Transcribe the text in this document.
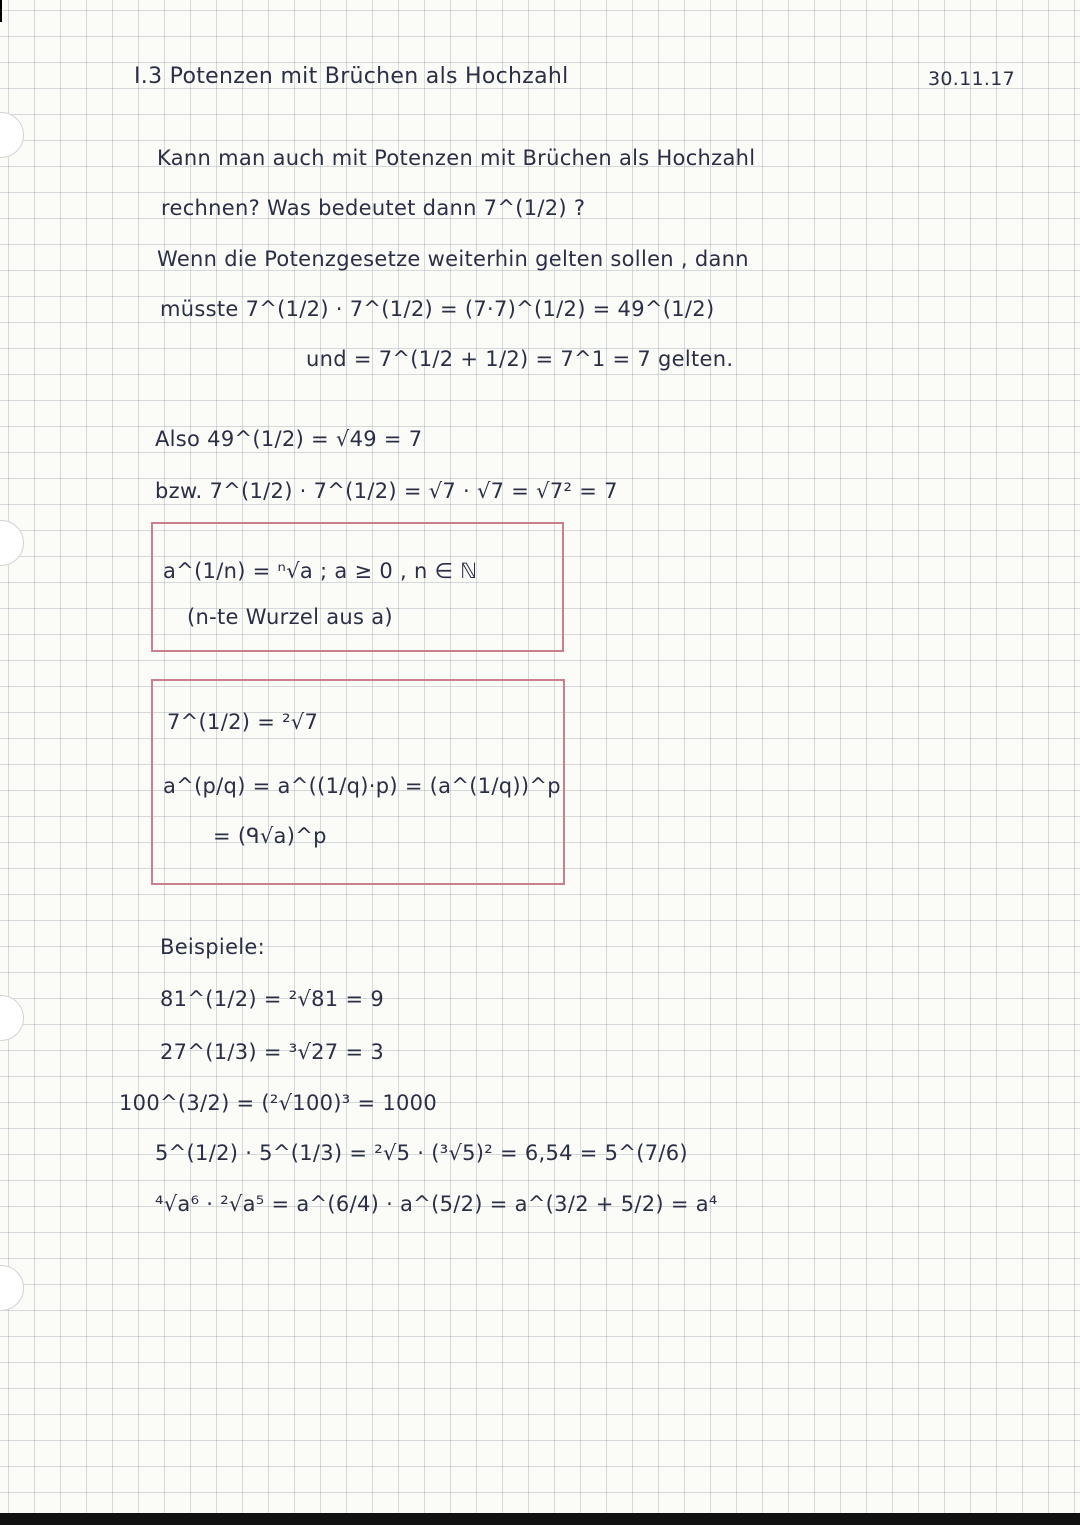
I.3 Potenzen mit Brüchen als Hochzahl	30.11.17
Kann man auch mit Potenzen mit Brüchen als Hochzahl
rechnen? Was bedeutet dann 7^(1/2) ?
Wenn die Potenzgesetze weiterhin gelten sollen , dann
müsste 7^(1/2) · 7^(1/2) = (7·7)^(1/2) = 49^(1/2)
und = 7^(1/2 + 1/2) = 7^1 = 7 gelten.
Also 49^(1/2) = √49 = 7
bzw. 7^(1/2) · 7^(1/2) = √7 · √7 = √7² = 7
a^(1/n) = ⁿ√a ; a ≥ 0 , n ∈ ℕ
(n-te Wurzel aus a)
7^(1/2) = ²√7
a^(p/q) = a^((1/q)·p) = (a^(1/q))^p
= (ᑫ√a)^p
Beispiele:
81^(1/2) = ²√81 = 9
27^(1/3) = ³√27 = 3
100^(3/2) = (²√100)³ = 1000
5^(1/2) · 5^(1/3) = ²√5 · (³√5)² = 6,54 = 5^(7/6)
⁴√a⁶ · ²√a⁵ = a^(6/4) · a^(5/2) = a^(3/2 + 5/2) = a⁴
